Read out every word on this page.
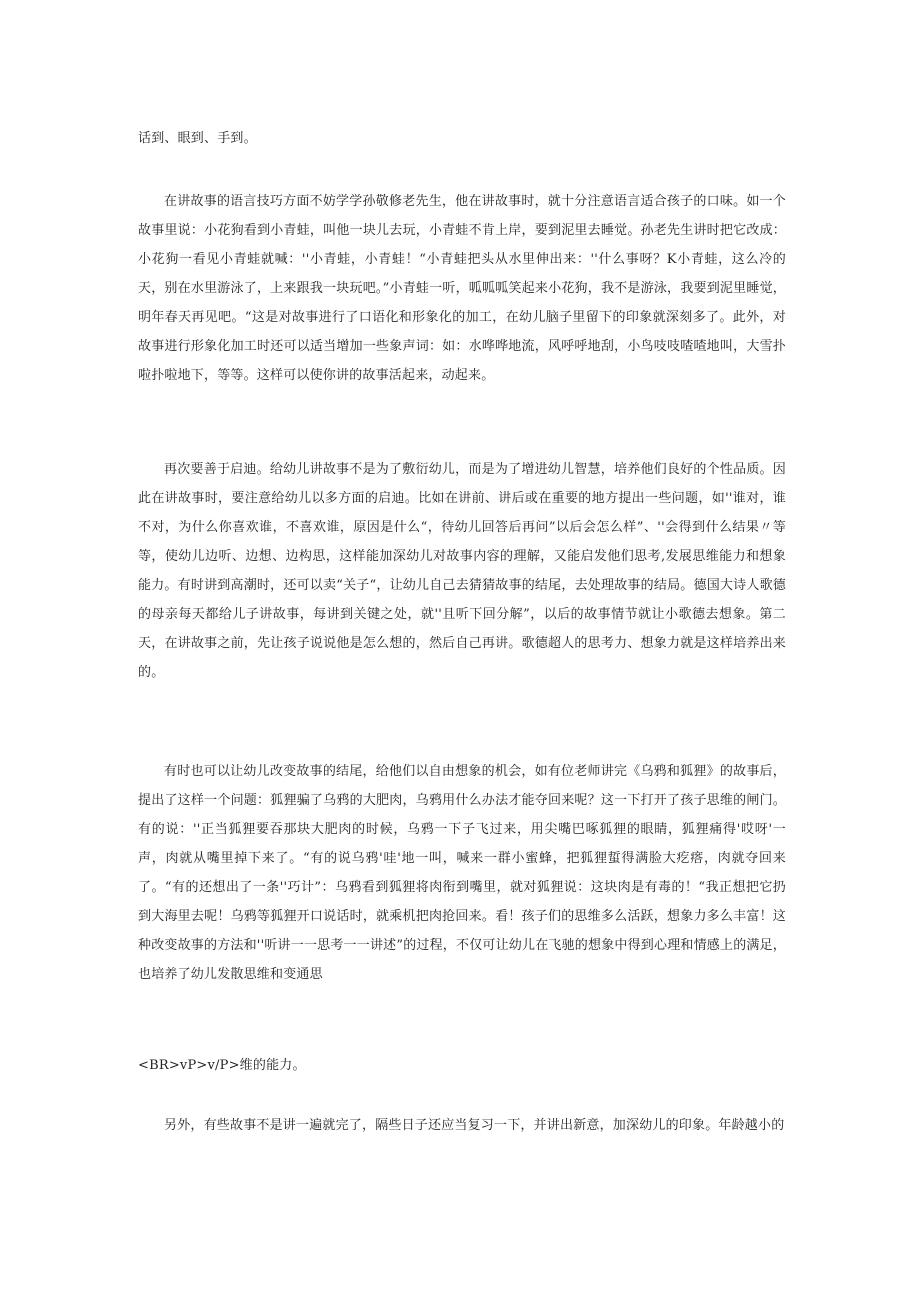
话到、眼到、手到。

在讲故事的语言技巧方面不妨学学孙敬修老先生，他在讲故事时，就十分注意语言适合孩子的口味。如一个故事里说：小花狗看到小青蛙，叫他一块儿去玩，小青蛙不肯上岸，要到泥里去睡觉。孙老先生讲时把它改成：小花狗一看见小青蛙就喊：''小青蛙，小青蛙！“小青蛙把头从水里伸出来：''什么事呀？K小青蛙，这么冷的天，别在水里游泳了，上来跟我一块玩吧。”小青蛙一听，呱呱呱笑起来小花狗，我不是游泳，我要到泥里睡觉，明年春天再见吧。“这是对故事进行了口语化和形象化的加工，在幼儿脑子里留下的印象就深刻多了。此外，对故事进行形象化加工时还可以适当增加一些象声词：如：水哗哗地流，风呼呼地刮，小鸟吱吱喳喳地叫，大雪扑啦扑啦地下，等等。这样可以使你讲的故事活起来，动起来。

再次要善于启迪。给幼儿讲故事不是为了敷衍幼儿，而是为了增进幼儿智慧，培养他们良好的个性品质。因此在讲故事时，要注意给幼儿以多方面的启迪。比如在讲前、讲后或在重要的地方提出一些问题，如''谁对，谁不对，为什么你喜欢谁，不喜欢谁，原因是什么“，待幼儿回答后再问”以后会怎么样”、''会得到什么结果〃等等，使幼儿边听、边想、边构思，这样能加深幼儿对故事内容的理解，又能启发他们思考,发展思维能力和想象能力。有时讲到高潮时，还可以卖“关子“，让幼儿自己去猜猜故事的结尾，去处理故事的结局。德国大诗人歌德的母亲每天都给儿子讲故事，每讲到关键之处，就''且听下回分解”，以后的故事情节就让小歌德去想象。第二天，在讲故事之前，先让孩子说说他是怎么想的，然后自己再讲。歌德超人的思考力、想象力就是这样培养出来的。

有时也可以让幼儿改变故事的结尾，给他们以自由想象的机会，如有位老师讲完《乌鸦和狐狸》的故事后，提出了这样一个问题：狐狸骗了乌鸦的大肥肉，乌鸦用什么办法才能夺回来呢？这一下打开了孩子思维的闸门。有的说：''正当狐狸要吞那块大肥肉的时候，乌鸦一下子飞过来，用尖嘴巴啄狐狸的眼睛，狐狸痛得'哎呀'一声，肉就从嘴里掉下来了。“有的说乌鸦'哇'地一叫，喊来一群小蜜蜂，把狐狸蜇得满脸大疙瘩，肉就夺回来了。“有的还想出了一条''巧计”：乌鸦看到狐狸将肉衔到嘴里，就对狐狸说：这块肉是有毒的！“我正想把它扔到大海里去呢！乌鸦等狐狸开口说话时，就乘机把肉抢回来。看！孩子们的思维多么活跃，想象力多么丰富！这种改变故事的方法和''听讲一一思考一一讲述”的过程，不仅可让幼儿在飞驰的想象中得到心理和情感上的满足，也培养了幼儿发散思维和变通思

<BR>vP>v∕P>维的能力。

另外，有些故事不是讲一遍就完了，隔些日子还应当复习一下，并讲出新意，加深幼儿的印象。年龄越小的
